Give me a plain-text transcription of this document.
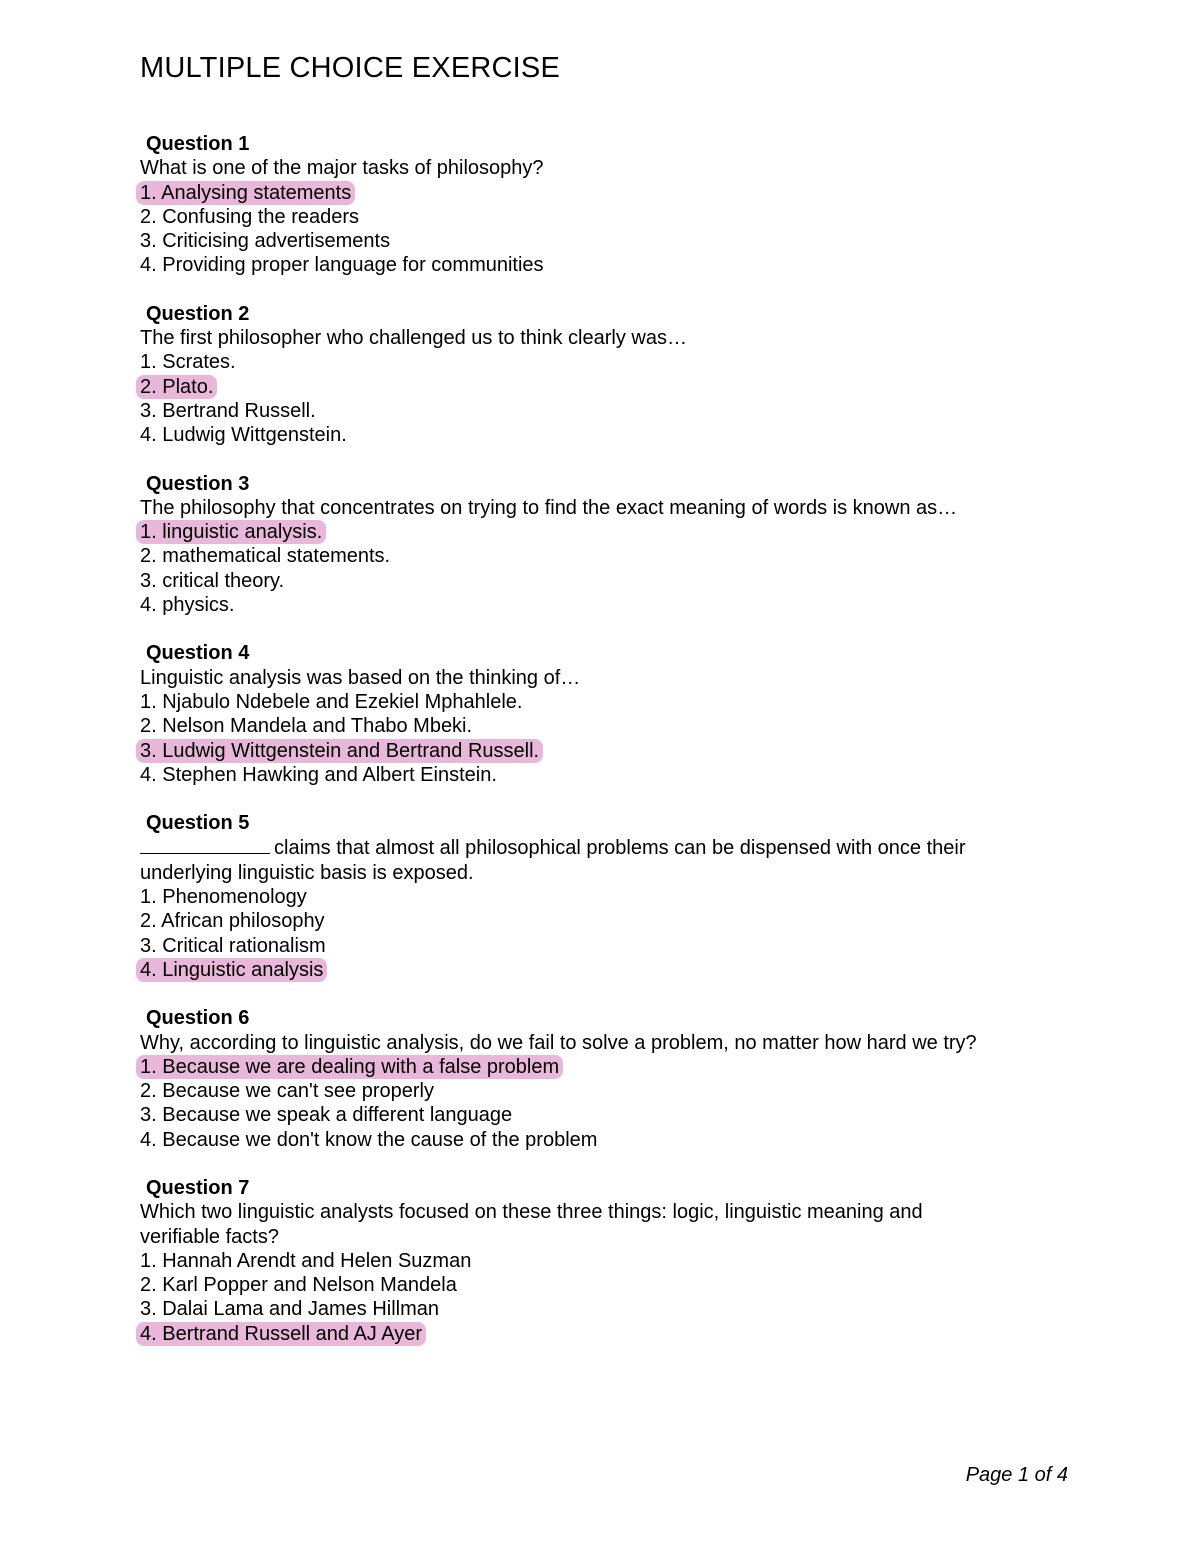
MULTIPLE CHOICE EXERCISE
Question 1
What is one of the major tasks of philosophy?
1. Analysing statements
2. Confusing the readers
3. Criticising advertisements
4. Providing proper language for communities
Question 2
The first philosopher who challenged us to think clearly was…
1. Scrates.
2. Plato.
3. Bertrand Russell.
4. Ludwig Wittgenstein.
Question 3
The philosophy that concentrates on trying to find the exact meaning of words is known as…
1. linguistic analysis.
2. mathematical statements.
3. critical theory.
4. physics.
Question 4
Linguistic analysis was based on the thinking of…
1. Njabulo Ndebele and Ezekiel Mphahlele.
2. Nelson Mandela and Thabo Mbeki.
3. Ludwig Wittgenstein and Bertrand Russell.
4. Stephen Hawking and Albert Einstein.
Question 5
claims that almost all philosophical problems can be dispensed with once their underlying linguistic basis is exposed.
1. Phenomenology
2. African philosophy
3. Critical rationalism
4. Linguistic analysis
Question 6
Why, according to linguistic analysis, do we fail to solve a problem, no matter how hard we try?
1. Because we are dealing with a false problem
2. Because we can't see properly
3. Because we speak a different language
4. Because we don't know the cause of the problem
Question 7
Which two linguistic analysts focused on these three things: logic, linguistic meaning and verifiable facts?
1. Hannah Arendt and Helen Suzman
2. Karl Popper and Nelson Mandela
3. Dalai Lama and James Hillman
4. Bertrand Russell and AJ Ayer
Page 1 of 4
